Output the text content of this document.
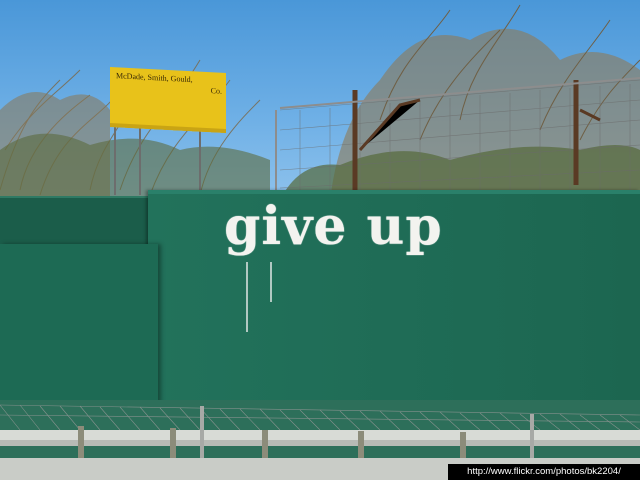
McDade, Smith, Gould,
Co.
give up
http://www.flickr.com/photos/bk2204/
